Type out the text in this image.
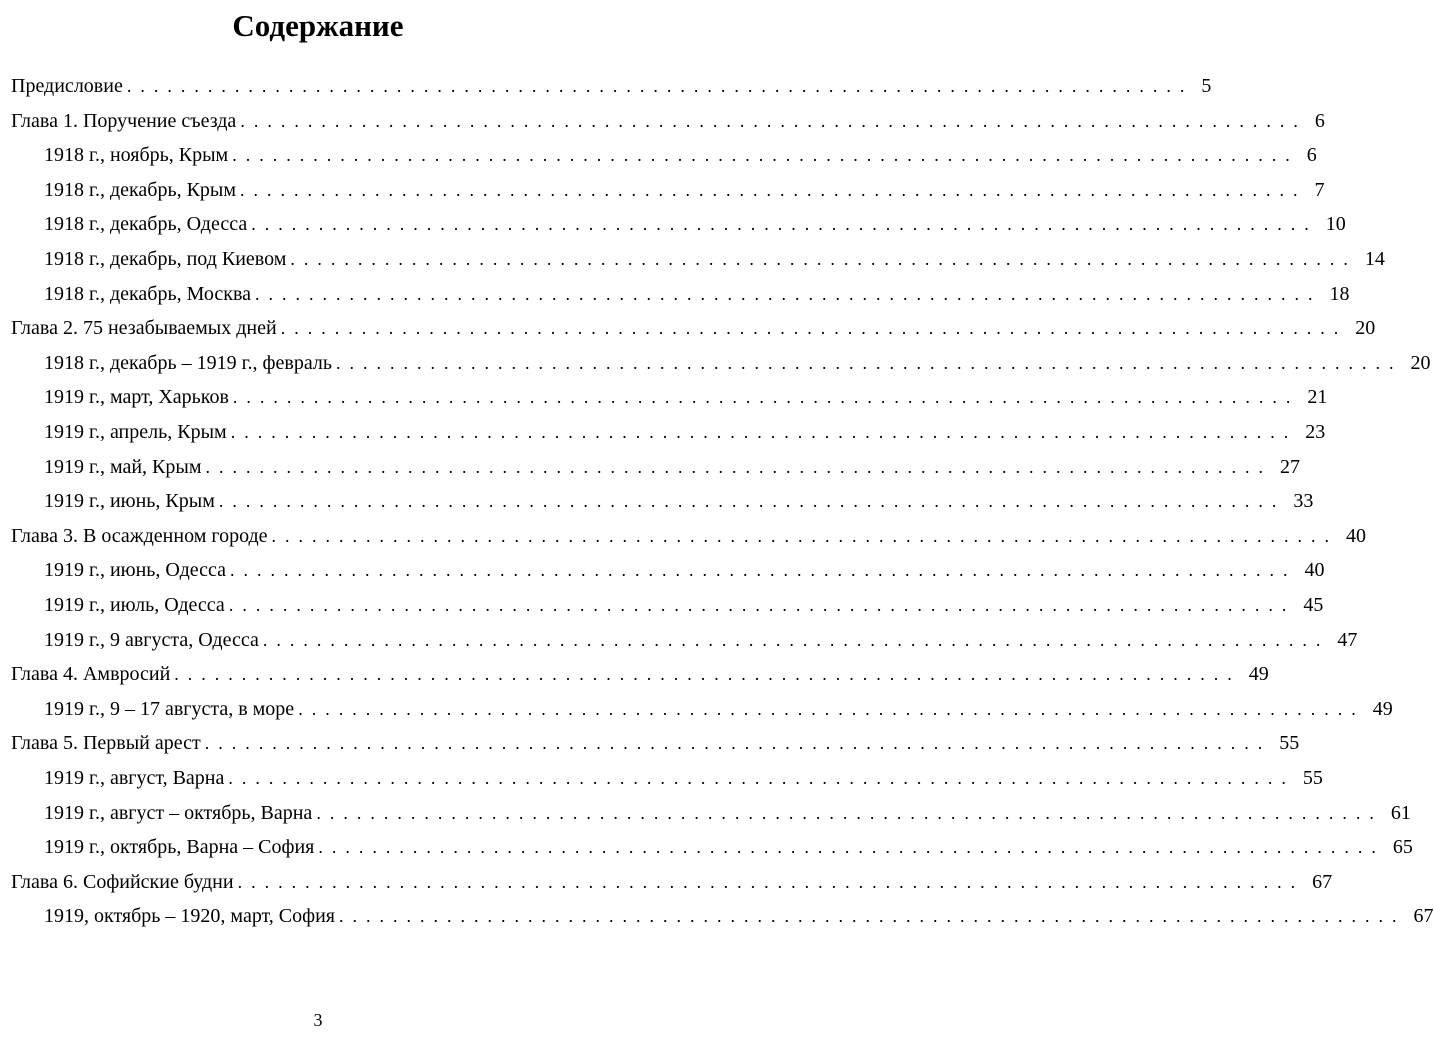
Содержание
Предисловие ............................................................................... 5
Глава 1. Поручение съезда ............................................................................... 6
1918 г., ноябрь, Крым ............................................................................... 6
1918 г., декабрь, Крым ............................................................................... 7
1918 г., декабрь, Одесса ............................................................................... 10
1918 г., декабрь, под Киевом ............................................................................... 14
1918 г., декабрь, Москва ............................................................................... 18
Глава 2. 75 незабываемых дней ............................................................................... 20
1918 г., декабрь – 1919 г., февраль ............................................................................... 20
1919 г., март, Харьков ............................................................................... 21
1919 г., апрель, Крым ............................................................................... 23
1919 г., май, Крым ............................................................................... 27
1919 г., июнь, Крым ............................................................................... 33
Глава 3. В осажденном городе ............................................................................... 40
1919 г., июнь, Одесса ............................................................................... 40
1919 г., июль, Одесса ............................................................................... 45
1919 г., 9 августа, Одесса ............................................................................... 47
Глава 4. Амвросий ............................................................................... 49
1919 г., 9 – 17 августа, в море ............................................................................... 49
Глава 5. Первый арест ............................................................................... 55
1919 г., август, Варна ............................................................................... 55
1919 г., август – октябрь, Варна ............................................................................... 61
1919 г., октябрь, Варна – София ............................................................................... 65
Глава 6. Софийские будни ............................................................................... 67
1919, октябрь – 1920, март, София ............................................................................... 67
3
